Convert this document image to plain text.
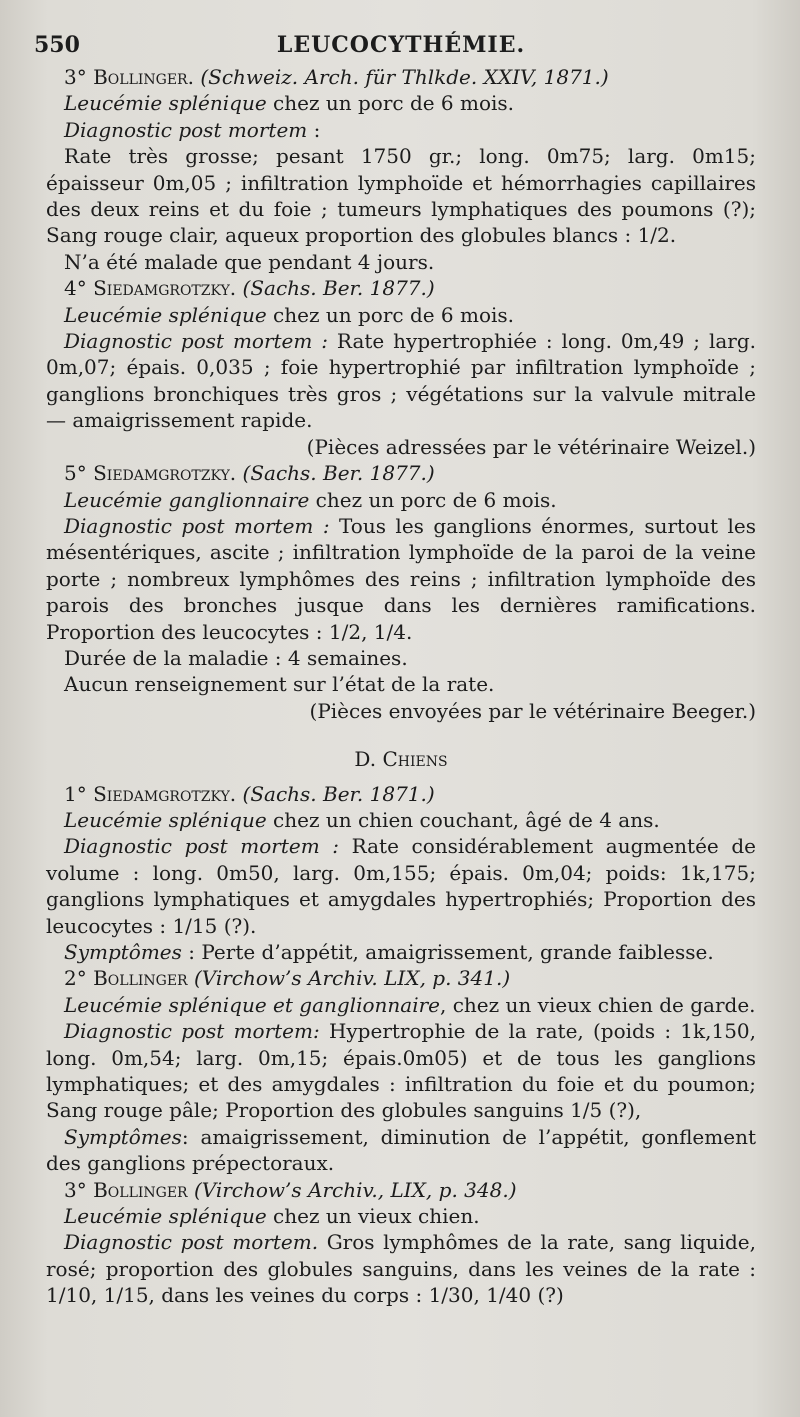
550	LEUCOCYTHÉMIE.

3° Bollinger. (Schweiz. Arch. für Thlkde. XXIV, 1871.)

Leucémie splénique chez un porc de 6 mois.

Diagnostic post mortem :

Rate très grosse; pesant 1750 gr.; long. 0m75; larg. 0m15; épaisseur 0m,05 ; infiltration lymphoïde et hémorrhagies capillaires des deux reins et du foie ; tumeurs lymphatiques des poumons (?); Sang rouge clair, aqueux proportion des globules blancs : 1/2.

N’a été malade que pendant 4 jours.

4° Siedamgrotzky. (Sachs. Ber. 1877.)

Leucémie splénique chez un porc de 6 mois.

Diagnostic post mortem : Rate hypertrophiée : long. 0m,49 ; larg. 0m,07; épais. 0,035 ; foie hypertrophié par infiltration lymphoïde ; ganglions bronchiques très gros ; végétations sur la valvule mitrale — amaigrissement rapide.

(Pièces adressées par le vétérinaire Weizel.)

5° Siedamgrotzky. (Sachs. Ber. 1877.)

Leucémie ganglionnaire chez un porc de 6 mois.

Diagnostic post mortem : Tous les ganglions énormes, surtout les mésentériques, ascite ; infiltration lymphoïde de la paroi de la veine porte ; nombreux lymphômes des reins ; infiltration lymphoïde des parois des bronches jusque dans les dernières ramifications. Proportion des leucocytes : 1/2, 1/4.

Durée de la maladie : 4 semaines.

Aucun renseignement sur l’état de la rate.

(Pièces envoyées par le vétérinaire Beeger.)

D. Chiens

1° Siedamgrotzky. (Sachs. Ber. 1871.)

Leucémie splénique chez un chien couchant, âgé de 4 ans.

Diagnostic post mortem : Rate considérablement augmentée de volume : long. 0m50, larg. 0m,155; épais. 0m,04; poids: 1k,175; ganglions lymphatiques et amygdales hypertrophiés; Proportion des leucocytes : 1/15 (?).

Symptômes : Perte d’appétit, amaigrissement, grande faiblesse.

2° Bollinger (Virchow’s Archiv. LIX, p. 341.)

Leucémie splénique et ganglionnaire, chez un vieux chien de garde.

Diagnostic post mortem: Hypertrophie de la rate, (poids : 1k,150, long. 0m,54; larg. 0m,15; épais.0m05) et de tous les ganglions lymphatiques; et des amygdales : infiltration du foie et du poumon; Sang rouge pâle; Proportion des globules sanguins 1/5 (?),

Symptômes: amaigrissement, diminution de l’appétit, gonflement des ganglions prépectoraux.

3° Bollinger (Virchow’s Archiv., LIX, p. 348.)

Leucémie splénique chez un vieux chien.

Diagnostic post mortem. Gros lymphômes de la rate, sang liquide, rosé; proportion des globules sanguins, dans les veines de la rate : 1/10, 1/15, dans les veines du corps : 1/30, 1/40 (?)
